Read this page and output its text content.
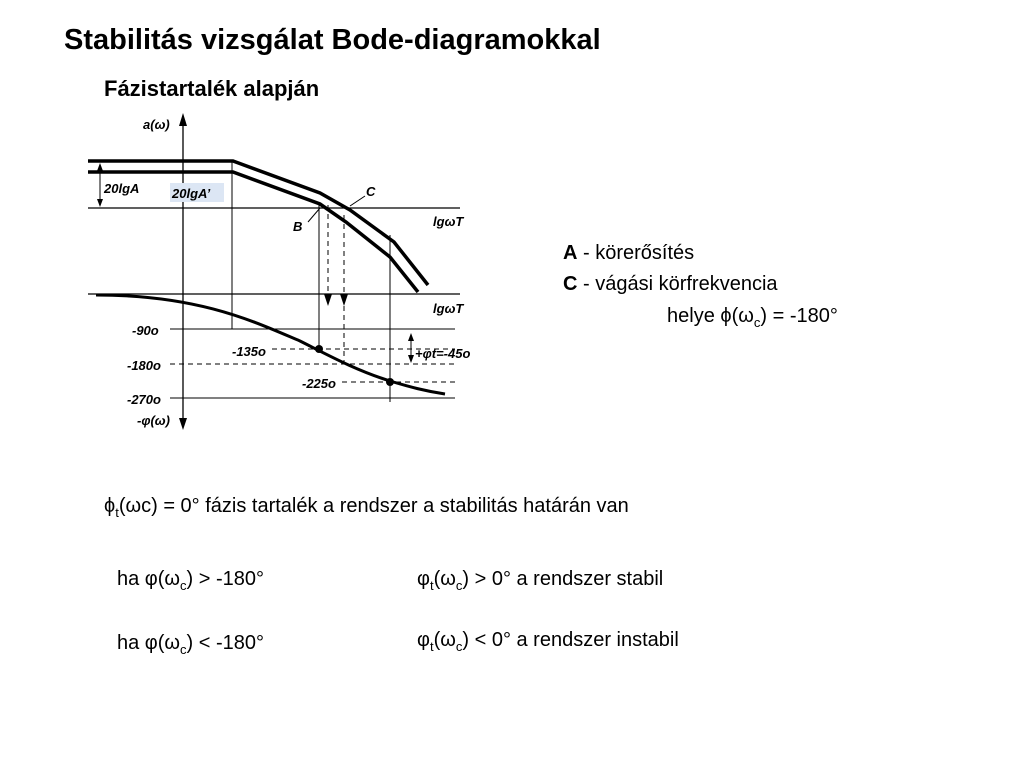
Stabilitás vizsgálat Bode-diagramokkal
Fázistartalék alapján
a(ω)
20lgA	20lgA’	C
B	lgωT
lgωT
-90o
-180o
-270o
-φ(ω)
-135o
-225o
+φt=-45o
A - körerősítés
C - vágási körfrekvencia
helye $\phi(\omega_c) = -180^\circ$
$\phi_t(\omega c) = 0^\circ$ fázis tartalék a rendszer a stabilitás határán van
ha $\varphi(\omega_c) > -180^\circ$	$\varphi_t(\omega_c) > 0^\circ$ a rendszer stabil
ha $\varphi(\omega_c) < -180^\circ$	$\varphi_t(\omega_c) < 0^\circ$ a rendszer instabil
